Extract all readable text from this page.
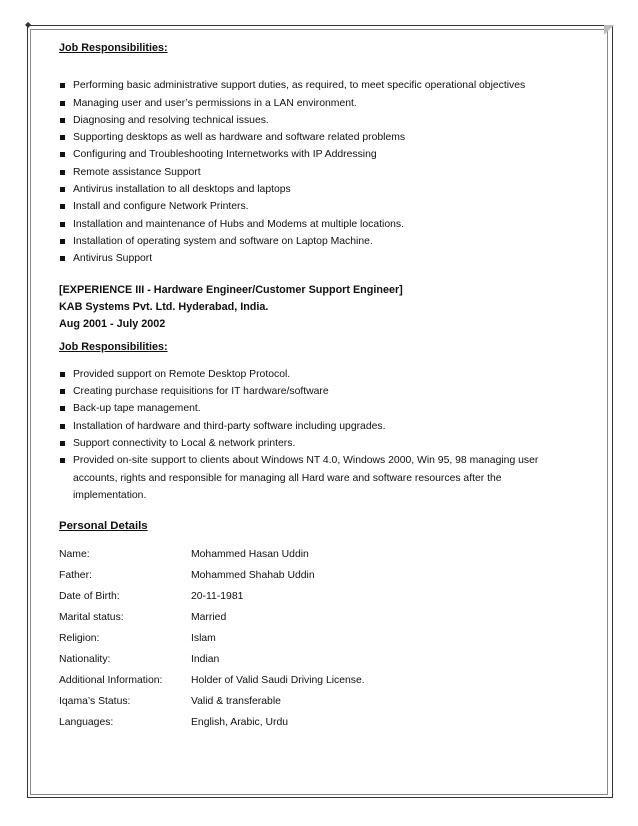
◆
Job Responsibilities:
Performing basic administrative support duties, as required, to meet specific operational objectives
Managing user and user’s permissions in a LAN environment.
Diagnosing and resolving technical issues.
Supporting desktops as well as hardware and software related problems
Configuring and Troubleshooting Internetworks with IP Addressing
Remote assistance Support
Antivirus installation to all desktops and laptops
Install and configure Network Printers.
Installation and maintenance of Hubs and Modems at multiple locations.
Installation of operating system and software on Laptop Machine.
Antivirus Support
[EXPERIENCE III - Hardware Engineer/Customer Support Engineer]
KAB Systems Pvt. Ltd. Hyderabad, India.
Aug 2001 - July 2002
Job Responsibilities:
Provided support on Remote Desktop Protocol.
Creating purchase requisitions for IT hardware/software
Back-up tape management.
Installation of hardware and third-party software including upgrades.
Support connectivity to Local & network printers.
Provided on-site support to clients about Windows NT 4.0, Windows 2000, Win 95, 98 managing user accounts, rights and responsible for managing all Hard ware and software resources after the implementation.
Personal Details
Name:	Mohammed Hasan Uddin
Father:	Mohammed Shahab Uddin
Date of Birth:	20-11-1981
Marital status:	Married
Religion:	Islam
Nationality:	Indian
Additional Information:	Holder of Valid Saudi Driving License.
Iqama’s Status:	Valid & transferable
Languages:	English, Arabic, Urdu
